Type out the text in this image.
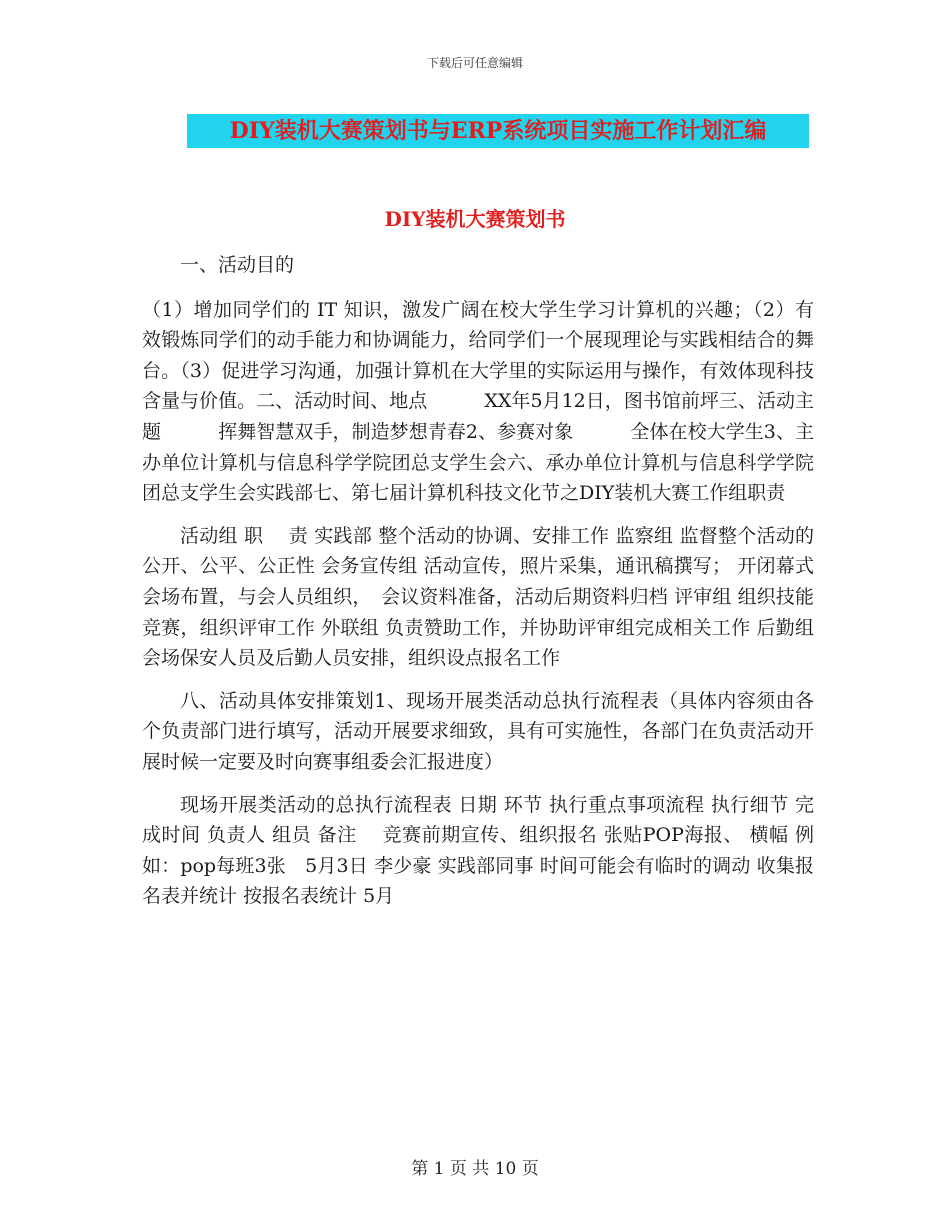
下载后可任意编辑
DIY装机大赛策划书与ERP系统项目实施工作计划汇编
DIY装机大赛策划书

一、活动目的

（1）增加同学们的 IT 知识，激发广阔在校大学生学习计算机的兴趣；（2）有效锻炼同学们的动手能力和协调能力，给同学们一个展现理论与实践相结合的舞台。（3）促进学习沟通，加强计算机在大学里的实际运用与操作，有效体现科技含量与价值。二、活动时间、地点　　　XX年5月12日，图书馆前坪三、活动主题　　　挥舞智慧双手，制造梦想青春2、参赛对象　　　全体在校大学生3、主办单位计算机与信息科学学院团总支学生会六、承办单位计算机与信息科学学院团总支学生会实践部七、第七届计算机科技文化节之DIY装机大赛工作组职责

活动组 职　 责 实践部 整个活动的协调、安排工作 监察组 监督整个活动的公开、公平、公正性 会务宣传组 活动宣传，照片采集，通讯稿撰写； 开闭幕式会场布置，与会人员组织，　会议资料准备，活动后期资料归档 评审组 组织技能竞赛，组织评审工作 外联组 负责赞助工作，并协助评审组完成相关工作 后勤组 会场保安人员及后勤人员安排，组织设点报名工作

八、活动具体安排策划1、现场开展类活动总执行流程表（具体内容须由各个负责部门进行填写，活动开展要求细致，具有可实施性，各部门在负责活动开展时候一定要及时向赛事组委会汇报进度）

现场开展类活动的总执行流程表 日期 环节 执行重点事项流程 执行细节 完成时间 负责人 组员 备注　 竞赛前期宣传、组织报名 张贴POP海报、 横幅 例如：pop每班3张　5月3日 李少豪 实践部同事 时间可能会有临时的调动 收集报名表并统计 按报名表统计 5月

第 1 页 共 10 页
